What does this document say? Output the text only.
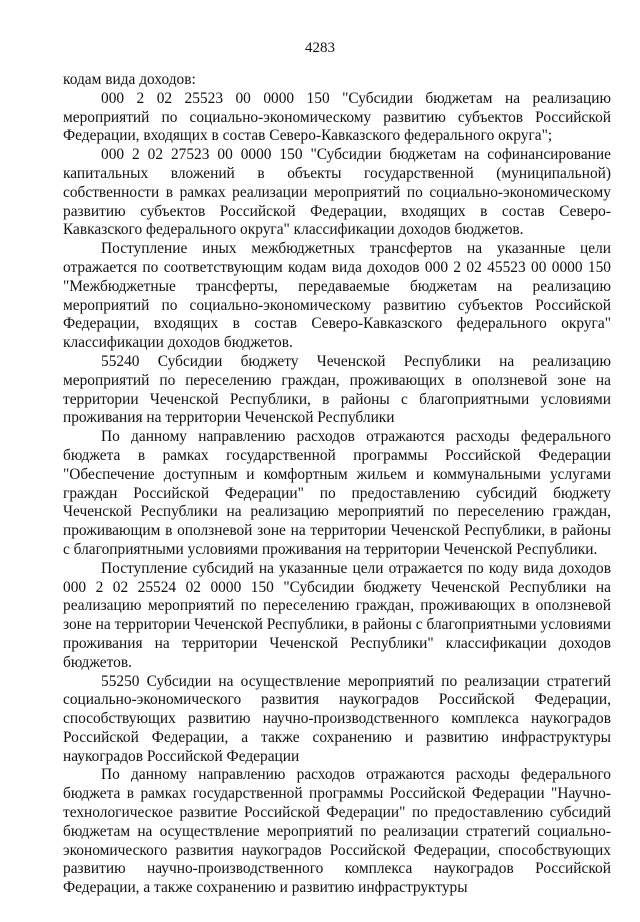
4283

кодам вида доходов:

000 2 02 25523 00 0000 150 "Субсидии бюджетам на реализацию мероприятий по социально-экономическому развитию субъектов Российской Федерации, входящих в состав Северо-Кавказского федерального округа";

000 2 02 27523 00 0000 150 "Субсидии бюджетам на софинансирование капитальных вложений в объекты государственной (муниципальной) собственности в рамках реализации мероприятий по социально-экономическому развитию субъектов Российской Федерации, входящих в состав Северо-Кавказского федерального округа" классификации доходов бюджетов.

Поступление иных межбюджетных трансфертов на указанные цели отражается по соответствующим кодам вида доходов 000 2 02 45523 00 0000 150 "Межбюджетные трансферты, передаваемые бюджетам на реализацию мероприятий по социально-экономическому развитию субъектов Российской Федерации, входящих в состав Северо-Кавказского федерального округа" классификации доходов бюджетов.

55240 Субсидии бюджету Чеченской Республики на реализацию мероприятий по переселению граждан, проживающих в оползневой зоне на территории Чеченской Республики, в районы с благоприятными условиями проживания на территории Чеченской Республики

По данному направлению расходов отражаются расходы федерального бюджета в рамках государственной программы Российской Федерации "Обеспечение доступным и комфортным жильем и коммунальными услугами граждан Российской Федерации" по предоставлению субсидий бюджету Чеченской Республики на реализацию мероприятий по переселению граждан, проживающим в оползневой зоне на территории Чеченской Республики, в районы с благоприятными условиями проживания на территории Чеченской Республики.

Поступление субсидий на указанные цели отражается по коду вида доходов 000 2 02 25524 02 0000 150 "Субсидии бюджету Чеченской Республики на реализацию мероприятий по переселению граждан, проживающих в оползневой зоне на территории Чеченской Республики, в районы с благоприятными условиями проживания на территории Чеченской Республики" классификации доходов бюджетов.

55250 Субсидии на осуществление мероприятий по реализации стратегий социально-экономического развития наукоградов Российской Федерации, способствующих развитию научно-производственного комплекса наукоградов Российской Федерации, а также сохранению и развитию инфраструктуры наукоградов Российской Федерации

По данному направлению расходов отражаются расходы федерального бюджета в рамках государственной программы Российской Федерации "Научно-технологическое развитие Российской Федерации" по предоставлению субсидий бюджетам на осуществление мероприятий по реализации стратегий социально-экономического развития наукоградов Российской Федерации, способствующих развитию научно-производственного комплекса наукоградов Российской Федерации, а также сохранению и развитию инфраструктуры
